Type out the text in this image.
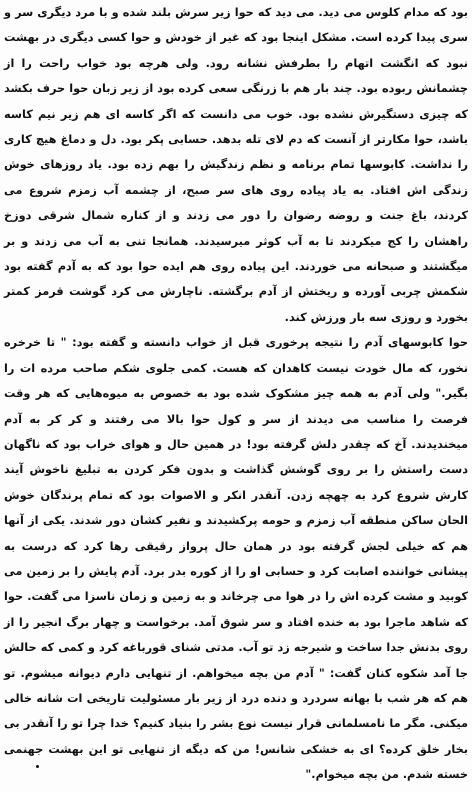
بود که مدام کلوس می دید. می دید که حوا زیر سرش بلند شده و با مرد دیگری سر و سری پیدا کرده است. مشکل اینجا بود که غیر از خودش و حوا کسی دیگری در بهشت نبود که انگشت اتهام را بطرفش نشانه رود. ولی هرچه بود خواب راحت را از چشمانش ربوده بود. چند بار هم با زرنگی سعی کرده بود از زیر زبان حوا حرف بکشد که چیزی دستگیرش نشده بود. خوب می دانست که اگر کاسه ای هم زیر نیم کاسه باشد، حوا مکارتر از آنست که دم لای تله بدهد. حسابی پکر بود. دل و دماغ هیچ کاری را نداشت. کابوسها تمام برنامه و نظم زندگیش را بهم زده بود. یاد روزهای خوش زندگی اش افتاد. به یاد پیاده روی های سر صبح، از چشمه آب زمزم شروع می کردند، باغ جنت و روضه رضوان را دور می زدند و از کناره شمال شرقی دوزخ راهشان را کج میکردند تا به آب کوثر میرسیدند. همانجا تنی به آب می زدند و بر میگشتند و صبحانه می خوردند. این پیاده روی هم ایده حوا بود که به آدم گفته بود شکمش چربی آورده و ریختش از آدم برگشته. ناچارش می کرد گوشت قرمز کمتر بخورد و روزی سه بار ورزش کند.

حوا کابوسهای آدم را نتیجه پرخوری قبل از خواب دانسته و گفته بود: " تا خرخره نخور، که مال خودت نیست کاهدان که هست. کمی جلوی شکم صاحب مرده ات را بگیر." ولی آدم به همه چیز مشکوک شده بود به خصوص به میوه‌هایی که هر وقت فرصت را مناسب می دیدند از سر و کول حوا بالا می رفتند و کر کر به آدم میخندیدند. آخ که چقدر دلش گرفته بود! در همین حال و هوای خراب بود که ناگهان دست راستش را بر روی گوشش گذاشت و بدون فکر کردن به تبلیغ ناخوش آیند کارش شروع کرد به چهچه زدن. آنقدر انکر و الاصوات بود که تمام پرندگان خوش الحان ساکن منطقه آب زمزم و حومه پرکشیدند و نفیر کشان دور شدند. یکی از آنها هم که خیلی لجش گرفته بود در همان حال پرواز رقیقی رها کرد که درست به پیشانی خواننده اصابت کرد و حسابی او را از کوره بدر برد. آدم پایش را بر زمین می کوبید و مشت کرده اش را در هوا می چرخاند و به زمین و زمان ناسزا می گفت. حوا که شاهد ماجرا بود به خنده افتاد و سر شوق آمد. برخواست و چهار برگ انجیر را از روی بدنش جدا ساخت و شیرجه زد تو آب. مدتی شنای قورباغه کرد و کمی که حالش جا آمد شکوه کنان گفت: " آدم من بچه میخواهم. از تنهایی دارم دیوانه میشوم. تو هم که هر شب با بهانه سردرد و دنده درد از زیر بار مسئولیت تاریخی ات شانه خالی میکنی. مگر ما نامسلمانی قرار نیست نوع بشر را بنیاد کنیم؟ خدا چرا تو را آنقدر بی بخار خلق کرده؟ ای به خشکی شانس! من که دیگه از تنهایی تو این بهشت جهنمی خسته شدم. من بچه میخوام."
